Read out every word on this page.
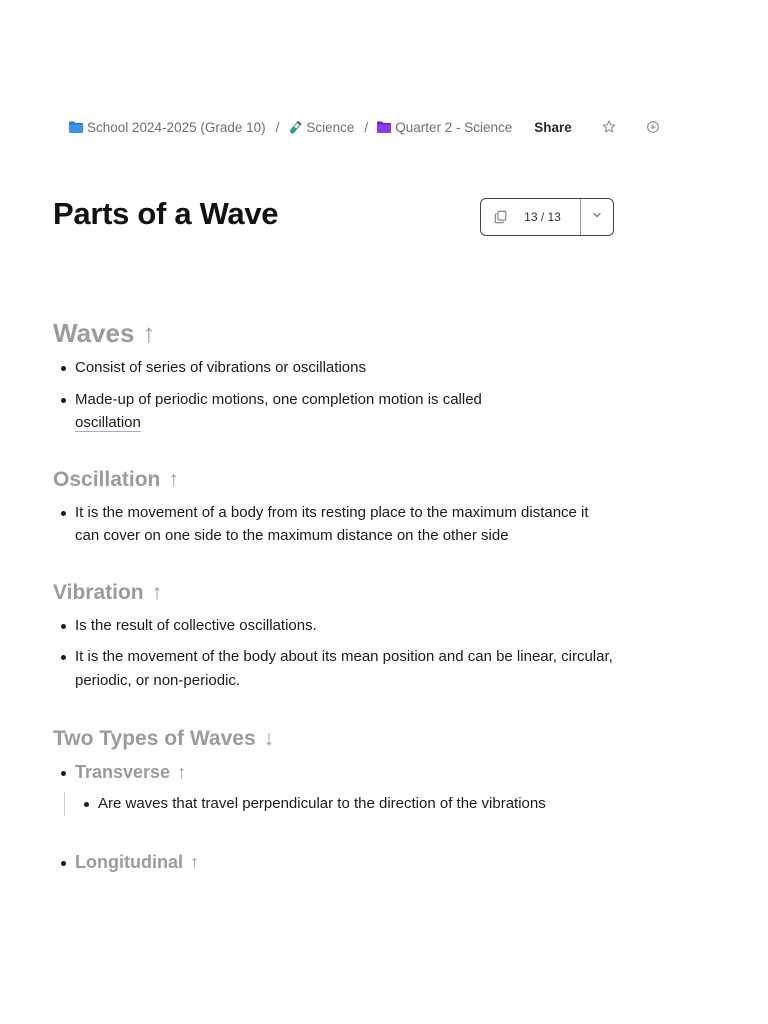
School 2024-2025 (Grade 10) / Science / Quarter 2 - Science Share
Parts of a Wave	13 / 13
Waves ↑
Consist of series of vibrations or oscillations
Made-up of periodic motions, one completion motion is called
oscillation
Oscillation ↑
It is the movement of a body from its resting place to the maximum distance it can cover on one side to the maximum distance on the other side
Vibration ↑
Is the result of collective oscillations.
It is the movement of the body about its mean position and can be linear, circular, periodic, or non-periodic.
Two Types of Waves ↓
Transverse ↑
Are waves that travel perpendicular to the direction of the vibrations
Longitudinal ↑
